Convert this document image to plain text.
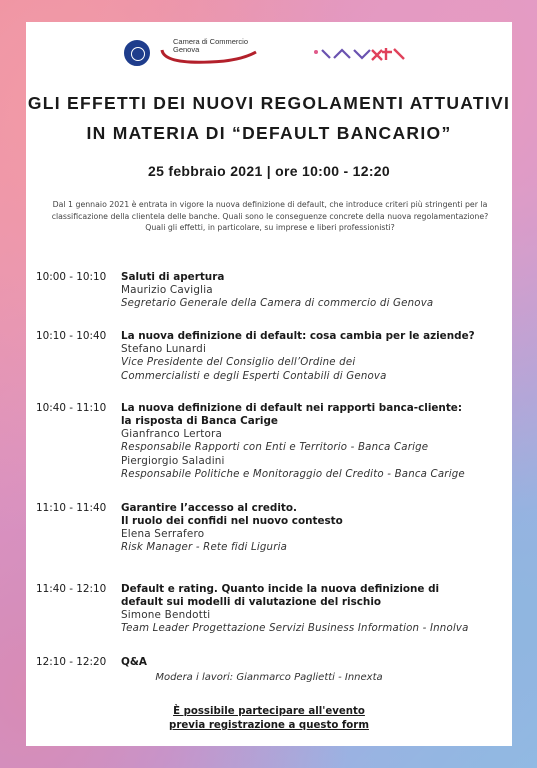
Camera di Commercio
Genova
GLI EFFETTI DEI NUOVI REGOLAMENTI ATTUATIVI
IN MATERIA DI “DEFAULT BANCARIO”
25 febbraio 2021 | ore 10:00 - 12:20
Dal 1 gennaio 2021 è entrata in vigore la nuova definizione di default, che introduce criteri più stringenti per la classificazione della clientela delle banche. Quali sono le conseguenze concrete della nuova regolamentazione? Quali gli effetti, in particolare, su imprese e liberi professionisti?
10:00 - 10:10 Saluti di apertura
Maurizio Caviglia
Segretario Generale della Camera di commercio di Genova
10:10 - 10:40 La nuova definizione di default: cosa cambia per le aziende?
Stefano Lunardi
Vice Presidente del Consiglio dell’Ordine dei
Commercialisti e degli Esperti Contabili di Genova
10:40 - 11:10 La nuova definizione di default nei rapporti banca-cliente:
la risposta di Banca Carige
Gianfranco Lertora
Responsabile Rapporti con Enti e Territorio - Banca Carige
Piergiorgio Saladini
Responsabile Politiche e Monitoraggio del Credito - Banca Carige
11:10 - 11:40 Garantire l’accesso al credito.
Il ruolo dei confidi nel nuovo contesto
Elena Serrafero
Risk Manager - Rete fidi Liguria
11:40 - 12:10 Default e rating. Quanto incide la nuova definizione di
default sui modelli di valutazione del rischio
Simone Bendotti
Team Leader Progettazione Servizi Business Information - Innolva
12:10 - 12:20 Q&A
Modera i lavori: Gianmarco Paglietti - Innexta
È possibile partecipare all'evento
previa registrazione a questo form
